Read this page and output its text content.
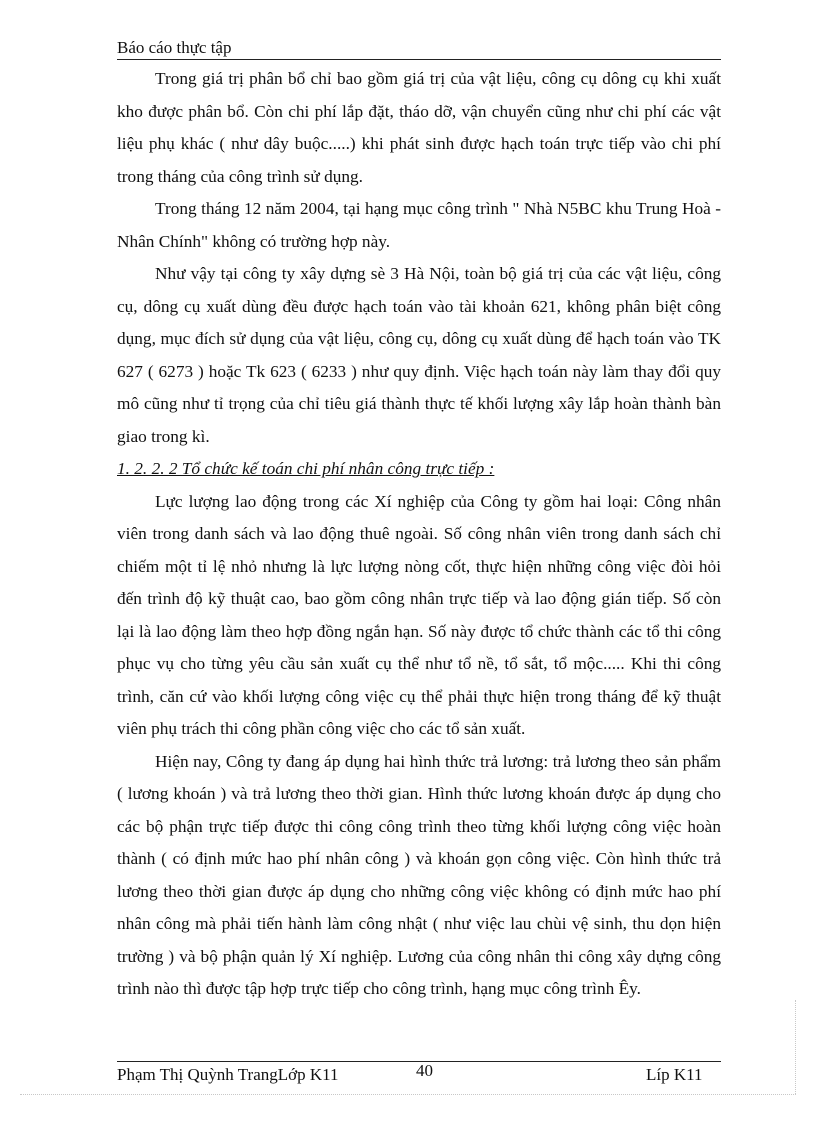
Báo cáo thực tập

Trong giá trị phân bổ chỉ bao gồm giá trị của vật liệu, công cụ dông cụ khi xuất kho được phân bổ. Còn chi phí lắp đặt, tháo dỡ, vận chuyển cũng như chi phí các vật liệu phụ khác ( như dây buộc.....) khi phát sinh được hạch toán trực tiếp vào chi phí trong tháng của công trình sử dụng.

Trong tháng 12 năm 2004, tại hạng mục công trình " Nhà N5BC khu Trung Hoà - Nhân Chính" không có trường hợp này.

Như vậy tại công ty xây dựng sè 3 Hà Nội, toàn bộ giá trị của các vật liệu, công cụ, dông cụ xuất dùng đều được hạch toán vào tài khoản 621, không phân biệt công dụng, mục đích sử dụng của vật liệu, công cụ, dông cụ xuất dùng để hạch toán vào TK 627 ( 6273 ) hoặc Tk 623 ( 6233 ) như quy định. Việc hạch toán này làm thay đổi quy mô cũng như tỉ trọng của chỉ tiêu giá thành thực tế khối lượng xây lắp hoàn thành bàn giao trong kì.

1. 2. 2. 2 Tổ chức kế toán chi phí nhân công trực tiếp :

Lực lượng lao động trong các Xí nghiệp của Công ty gồm hai loại: Công nhân viên trong danh sách và lao động thuê ngoài. Số công nhân viên trong danh sách chỉ chiếm một tỉ lệ nhỏ nhưng là lực lượng nòng cốt, thực hiện những công việc đòi hỏi đến trình độ kỹ thuật cao, bao gồm công nhân trực tiếp và lao động gián tiếp. Số còn lại là lao động làm theo hợp đồng ngắn hạn. Số này được tổ chức thành các tổ thi công phục vụ cho từng yêu cầu sản xuất cụ thể như tổ nề, tổ sắt, tổ mộc..... Khi thi công trình, căn cứ vào khối lượng công việc cụ thể phải thực hiện trong tháng để kỹ thuật viên phụ trách thi công phần công việc cho các tổ sản xuất.

Hiện nay, Công ty đang áp dụng hai hình thức trả lương: trả lương theo sản phẩm ( lương khoán ) và trả lương theo thời gian. Hình thức lương khoán được áp dụng cho các bộ phận trực tiếp được thi công công trình theo từng khối lượng công việc hoàn thành ( có định mức hao phí nhân công ) và khoán gọn công việc. Còn hình thức trả lương theo thời gian được áp dụng cho những công việc không có định mức hao phí nhân công mà phải tiến hành làm công nhật ( như việc lau chùi vệ sinh, thu dọn hiện trường ) và bộ phận quản lý Xí nghiệp. Lương của công nhân thi công xây dựng công trình nào thì được tập hợp trực tiếp cho công trình, hạng mục công trình Êy.

Phạm Thị Quỳnh TrangLớp K11	40	Líp K11
